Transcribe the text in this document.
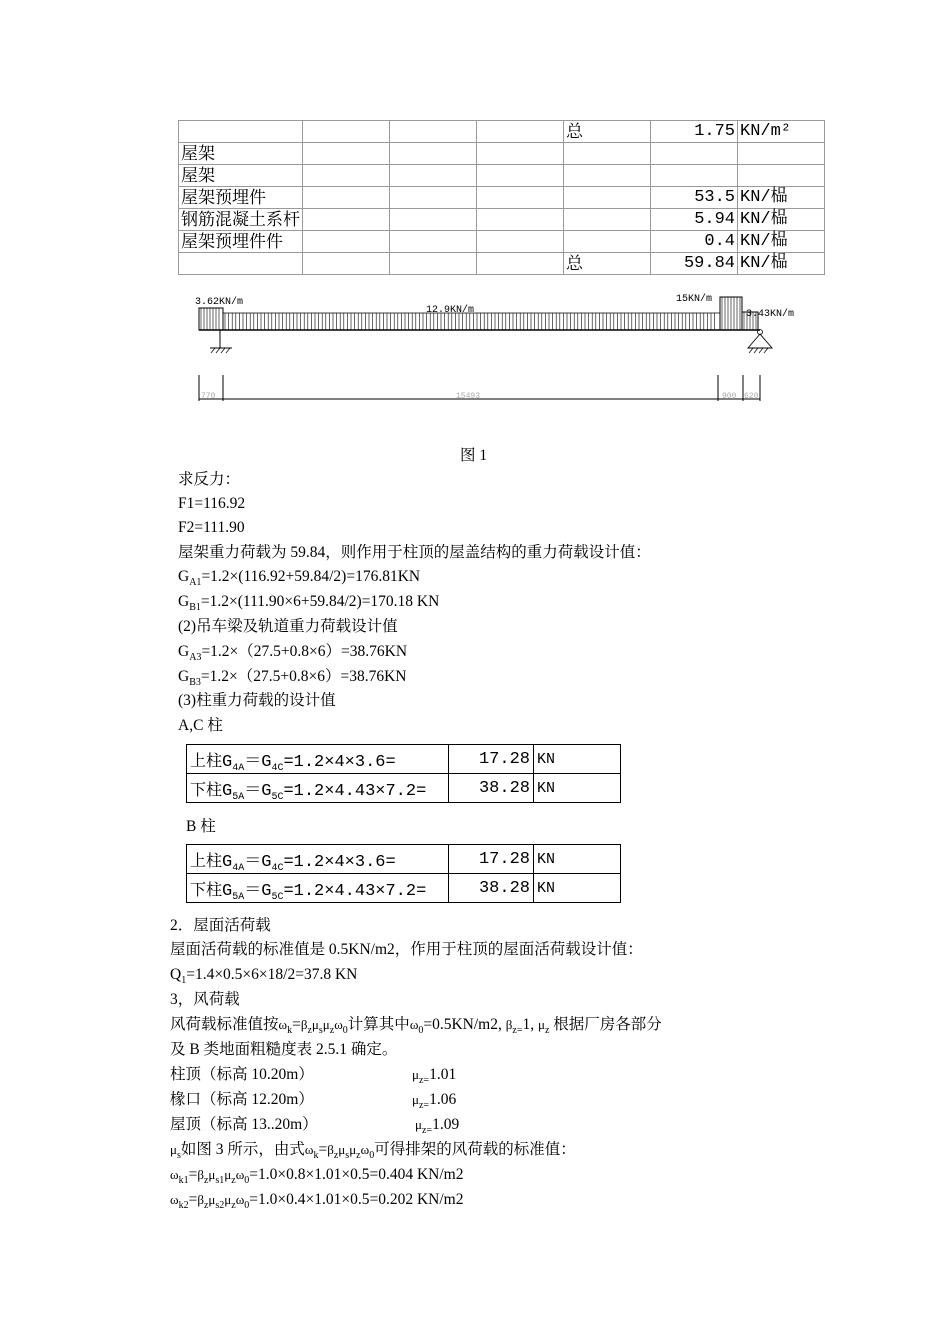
				总	1.75	KN/m²
屋架						
屋架						
屋架预埋件					53.5	KN/榀
钢筋混凝土系杆					5.94	KN/榀
屋架预埋件件					0.4	KN/榀
				总	59.84	KN/榀
3.62KN/m
12.9KN/m
15KN/m
3.43KN/m
770	15493	900 620
图 1
求反力：
F1=116.92
F2=111.90
屋架重力荷载为 59.84，则作用于柱顶的屋盖结构的重力荷载设计值：
$G_{A1}=1.2\times(116.92+59.84/2)=176.81KN$
$G_{B1}=1.2\times(111.90\times 6+59.84/2)=170.18$ KN
(2)吊车梁及轨道重力荷载设计值
$G_{A3}=1.2\times(27.5+0.8\times 6)=38.76KN$
$G_{B3}=1.2\times(27.5+0.8\times 6)=38.76KN$
(3)柱重力荷载的设计值
A,C 柱
上柱$G_{4A}=G_{4C}=1.2\times 4\times 3.6=$	17.28	KN
下柱$G_{5A}=G_{5C}=1.2\times 4.43\times 7.2=$	38.28	KN
B 柱
上柱$G_{4A}=G_{4C}=1.2\times 4\times 3.6=$	17.28	KN
下柱$G_{5A}=G_{5C}=1.2\times 4.43\times 7.2=$	38.28	KN
2．屋面活荷载
屋面活荷载的标准值是 0.5KN/m2，作用于柱顶的屋面活荷载设计值：
$Q_1=1.4\times 0.5\times 6\times 18/2=37.8$ KN
3，风荷载
风荷载标准值按$\omega_k=\beta_z\mu_s\mu_z\omega_0$计算其中$\omega_0=0.5KN/m2$, $\beta_{z=}1$, $\mu_z$ 根据厂房各部分
及 B 类地面粗糙度表 2.5.1 确定。
柱顶（标高 10.20m）	$\mu_{z=}1.01$
椽口（标高 12.20m）	$\mu_{z=}1.06$
屋顶（标高 13..20m）	$\mu_{z=}1.09$
$\mu_s$如图 3 所示，由式$\omega_k=\beta_z\mu_s\mu_z\omega_0$可得排架的风荷载的标准值：
$\omega_{k1}=\beta_z\mu_{s1}\mu_z\omega_0=1.0\times 0.8\times 1.01\times 0.5=0.404$ KN/m2
$\omega_{k2}=\beta_z\mu_{s2}\mu_z\omega_0=1.0\times 0.4\times 1.01\times 0.5=0.202$ KN/m2
